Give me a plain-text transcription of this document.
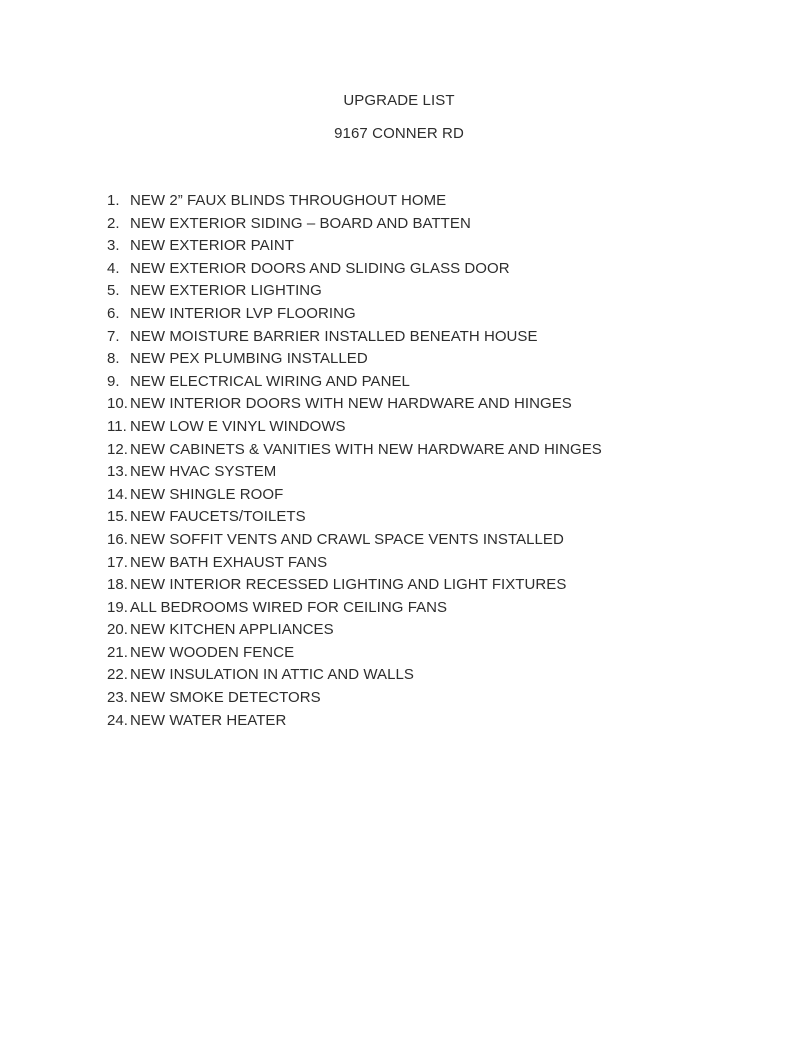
UPGRADE LIST
9167 CONNER RD
1. NEW 2” FAUX BLINDS THROUGHOUT HOME
2. NEW EXTERIOR SIDING – BOARD AND BATTEN
3. NEW EXTERIOR PAINT
4. NEW EXTERIOR DOORS AND SLIDING GLASS DOOR
5. NEW EXTERIOR LIGHTING
6. NEW INTERIOR LVP FLOORING
7. NEW MOISTURE BARRIER INSTALLED BENEATH HOUSE
8. NEW PEX PLUMBING INSTALLED
9. NEW ELECTRICAL WIRING AND PANEL
10. NEW INTERIOR DOORS WITH NEW HARDWARE AND HINGES
11. NEW LOW E VINYL WINDOWS
12. NEW CABINETS & VANITIES WITH NEW HARDWARE AND HINGES
13. NEW HVAC SYSTEM
14. NEW SHINGLE ROOF
15. NEW FAUCETS/TOILETS
16. NEW SOFFIT VENTS AND CRAWL SPACE VENTS INSTALLED
17. NEW BATH EXHAUST FANS
18. NEW INTERIOR RECESSED LIGHTING AND LIGHT FIXTURES
19. ALL BEDROOMS WIRED FOR CEILING FANS
20. NEW KITCHEN APPLIANCES
21. NEW WOODEN FENCE
22. NEW INSULATION IN ATTIC AND WALLS
23. NEW SMOKE DETECTORS
24. NEW WATER HEATER
